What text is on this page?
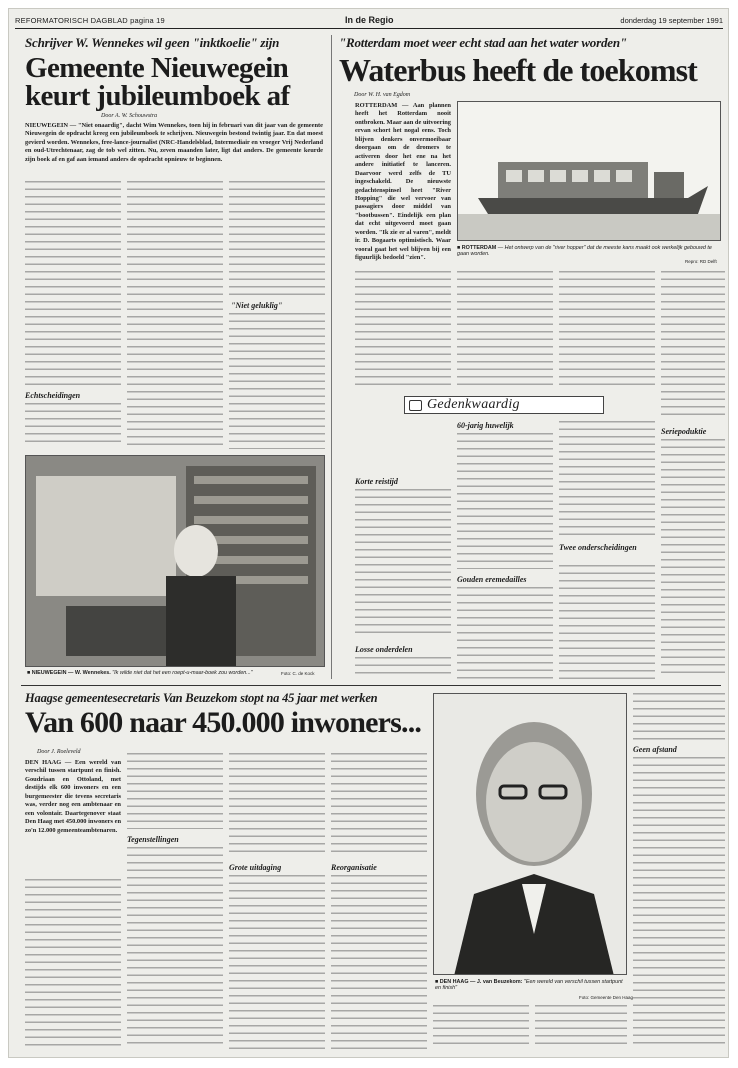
REFORMATORISCH DAGBLAD pagina 19	In de Regio	donderdag 19 september 1991
Schrijver W. Wennekes wil geen "inktkoelie" zijn
Gemeente Nieuwegein keurt jubileumboek af
Door A. W. Schouwstra
NIEUWEGEIN — "Niet onaardig", dacht Wim Wennekes, toen hij in februari van dit jaar van de gemeente Nieuwegein de opdracht kreeg een jubileumboek te schrijven. Nieuwegein bestond twintig jaar. En dat moest gevierd worden. Wennekes, free-lance-journalist (NRC-Handelsblad, Intermediair en vroeger Vrij Nederland en oud-Utrechtenaar, zag de tob wel zitten. Nu, zeven maanden later, ligt dat anders. De gemeente keurde zijn boek af en gaf aan iemand anders de opdracht opnieuw te beginnen.
Echtscheidingen
"Niet geluklig"
■ NIEUWEGEIN — W. Wennekes. "Ik wilde niet dat het een roept-u-maar-boek zou worden..."	Foto: C. de Kock
"Rotterdam moet weer echt stad aan het water worden"
Waterbus heeft de toekomst
Door W. H. van Egdom
ROTTERDAM — Aan plannen heeft het Rotterdam nooit ontbroken. Maar aan de uitvoering ervan schort het nogal eens. Toch blijven denkers onvermoeibaar doorgaan om de dromers te activeren door het ene na het andere initiatief te lanceren. Daarvoor werd zelfs de TU ingeschakeld. De nieuwste gedachtenspinsel heet "River Hopping" die wel vervoer van passagiers door middel van "bootbussen". Eindelijk een plan dat echt uitgevoerd moet gaan worden. "Ik zie er al varen", meldt ir. D. Bogaarts optimistisch. Waar vooral gaat het wel blijven bij een figuurlijk bedoeld "zien".
■ ROTTERDAM — Het ontwerp van de "river hopper" dat de meeste kans maakt ook werkelijk gebouwd te gaan worden.
Repro: RD Delft
Korte reistijd
Losse onderdelen
Seriepoduktie
Gedenkwaardig
60-jarig huwelijk
Gouden eremedailles
Twee onderscheidingen
Haagse gemeentesecretaris Van Beuzekom stopt na 45 jaar met werken
Van 600 naar 450.000 inwoners...
Door J. Roeleveld
DEN HAAG — Een wereld van verschil tussen startpunt en finish. Goudriaan en Ottoland, met destijds elk 600 inwoners en een burgemeester die tevens secretaris was, verder nog een ambtenaar en een volontair. Daartegenover staat Den Haag met 450.000 inwoners en zo'n 12.000 gemeenteambtenaren.
Tegenstellingen
Grote uitdaging	Reorganisatie
■ DEN HAAG — J. van Beuzekom: "Een wereld van verschil tussen startpunt en finish"
Foto: Gemeente Den Haag
Geen afstand
